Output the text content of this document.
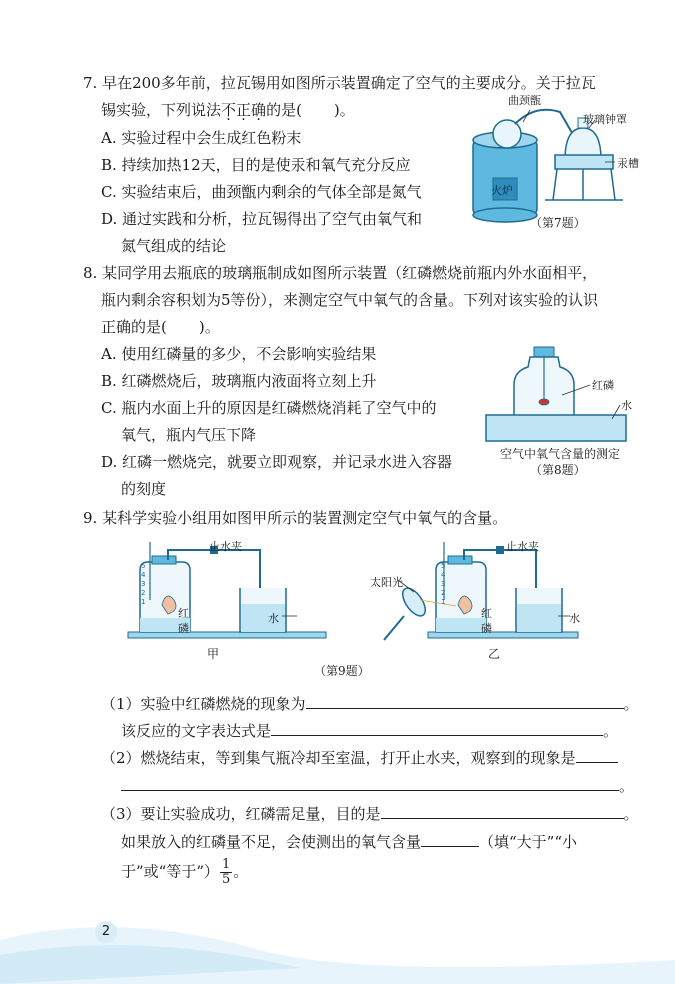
7. 早在200多年前，拉瓦锡用如图所示装置确定了空气的主要成分。关于拉瓦
锡实验，下列说法不正确的是( )。
A. 实验过程中会生成红色粉末
B. 持续加热12天，目的是使汞和氧气充分反应
C. 实验结束后，曲颈甑内剩余的气体全部是氮气
D. 通过实践和分析，拉瓦锡得出了空气由氧气和
氮气组成的结论
曲颈甑
玻璃钟罩
汞槽
火炉
（第7题）
8. 某同学用去瓶底的玻璃瓶制成如图所示装置（红磷燃烧前瓶内外水面相平，
瓶内剩余容积划为5等份），来测定空气中氧气的含量。下列对该实验的认识
正确的是( )。
A. 使用红磷量的多少，不会影响实验结果
B. 红磷燃烧后，玻璃瓶内液面将立刻上升
C. 瓶内水面上升的原因是红磷燃烧消耗了空气中的
氧气，瓶内气压下降
D. 红磷一燃烧完，就要立即观察，并记录水进入容器
的刻度
红磷
水
空气中氧气含量的测定
（第8题）
9. 某科学实验小组用如图甲所示的装置测定空气中氧气的含量。
5
4
3
2
1
止水夹
红
磷
水
甲
5
4
3
2
1
止水夹
太阳光
红
磷
水
乙
（第9题）
（1）实验中红磷燃烧的现象为	。
该反应的文字表达式是	。
（2）燃烧结束，等到集气瓶冷却至室温，打开止水夹，观察到的现象是
。
（3）要让实验成功，红磷需足量，目的是	。
如果放入的红磷量不足，会使测出的氧气含量	（填“大于”“小
于”或“等于”） $\frac{1}{5}$ 。
2
